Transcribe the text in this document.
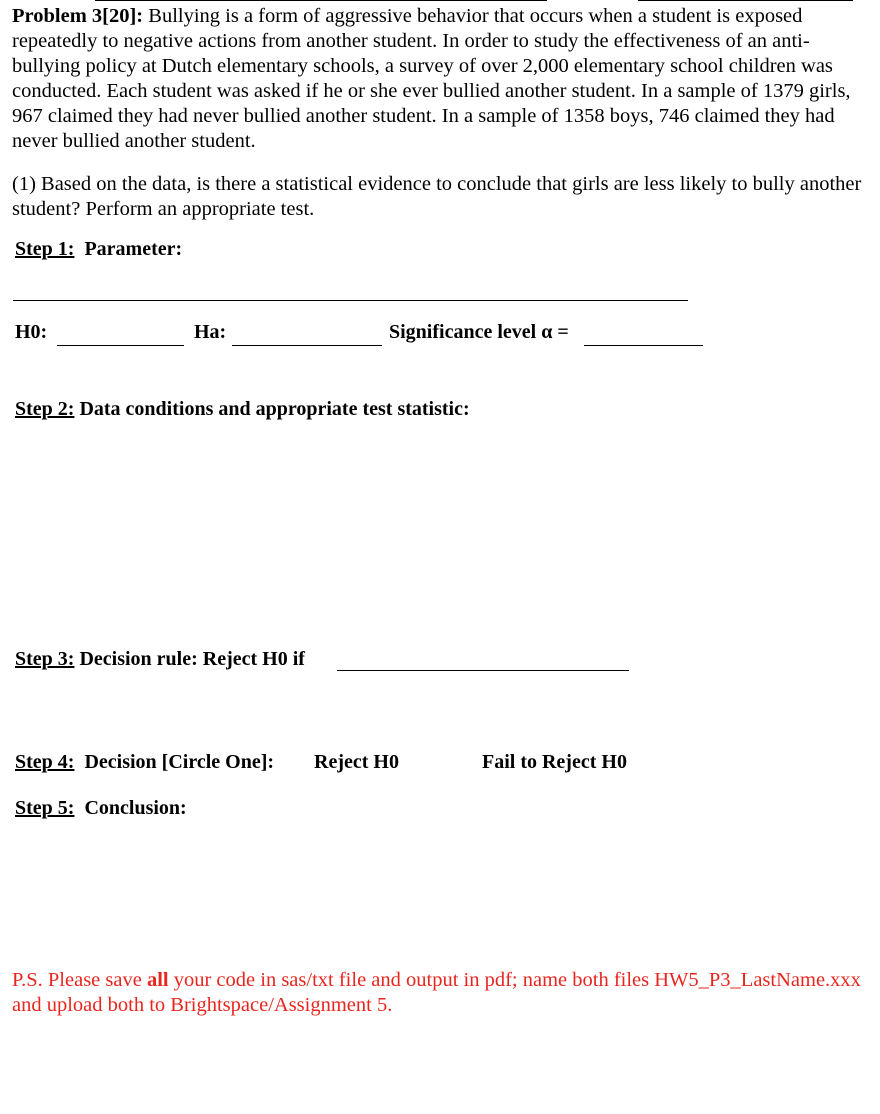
Problem 3[20]: Bullying is a form of aggressive behavior that occurs when a student is exposed repeatedly to negative actions from another student. In order to study the effectiveness of an anti-bullying policy at Dutch elementary schools, a survey of over 2,000 elementary school children was conducted. Each student was asked if he or she ever bullied another student. In a sample of 1379 girls, 967 claimed they had never bullied another student. In a sample of 1358 boys, 746 claimed they had never bullied another student.
(1) Based on the data, is there a statistical evidence to conclude that girls are less likely to bully another student? Perform an appropriate test.
Step 1: Parameter:
H0:	Ha:	Significance level α =
Step 2: Data conditions and appropriate test statistic:
Step 3: Decision rule: Reject H0 if
Step 4: Decision [Circle One]: Reject H0	Fail to Reject H0
Step 5: Conclusion:
P.S. Please save all your code in sas/txt file and output in pdf; name both files HW5_P3_LastName.xxx and upload both to Brightspace/Assignment 5.
